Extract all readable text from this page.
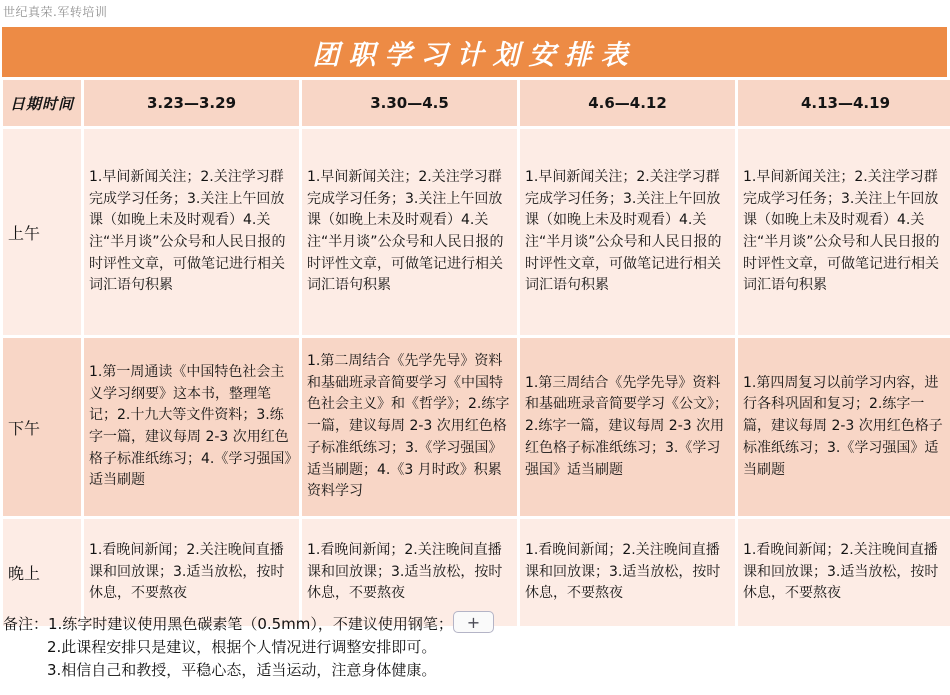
世纪真荣.军转培训
团职学习计划安排表
日期时间	3.23—3.29	3.30—4.5	4.6—4.12	4.13—4.19	
上午	1.早间新闻关注；2.关注学习群完成学习任务；3.关注上午回放课（如晚上未及时观看）4.关注“半月谈”公众号和人民日报的时评性文章，可做笔记进行相关词汇语句积累	1.早间新闻关注；2.关注学习群完成学习任务；3.关注上午回放课（如晚上未及时观看）4.关注“半月谈”公众号和人民日报的时评性文章，可做笔记进行相关词汇语句积累	1.早间新闻关注；2.关注学习群完成学习任务；3.关注上午回放课（如晚上未及时观看）4.关注“半月谈”公众号和人民日报的时评性文章，可做笔记进行相关词汇语句积累	1.早间新闻关注；2.关注学习群完成学习任务；3.关注上午回放课（如晚上未及时观看）4.关注“半月谈”公众号和人民日报的时评性文章，可做笔记进行相关词汇语句积累	
下午	1.第一周通读《中国特色社会主义学习纲要》这本书，整理笔记；2.十九大等文件资料；3.练字一篇，建议每周 2-3 次用红色格子标准纸练习；4.《学习强国》适当刷题	1.第二周结合《先学先导》资料和基础班录音简要学习《中国特色社会主义》和《哲学》；2.练字一篇，建议每周 2-3 次用红色格子标准纸练习；3.《学习强国》适当刷题；4.《3 月时政》积累资料学习	1.第三周结合《先学先导》资料和基础班录音简要学习《公文》；2.练字一篇，建议每周 2-3 次用红色格子标准纸练习；3.《学习强国》适当刷题	1.第四周复习以前学习内容，进行各科巩固和复习；2.练字一篇，建议每周 2-3 次用红色格子标准纸练习；3.《学习强国》适当刷题	
晚上	1.看晚间新闻；2.关注晚间直播课和回放课；3.适当放松，按时休息，不要熬夜	1.看晚间新闻；2.关注晚间直播课和回放课；3.适当放松，按时休息，不要熬夜	1.看晚间新闻；2.关注晚间直播课和回放课；3.适当放松，按时休息，不要熬夜	1.看晚间新闻；2.关注晚间直播课和回放课；3.适当放松，按时休息，不要熬夜	
备注：1.练字时建议使用黑色碳素笔（0.5mm），不建议使用钢笔；
2.此课程安排只是建议，根据个人情况进行调整安排即可。
3.相信自己和教授，平稳心态，适当运动，注意身体健康。
+
